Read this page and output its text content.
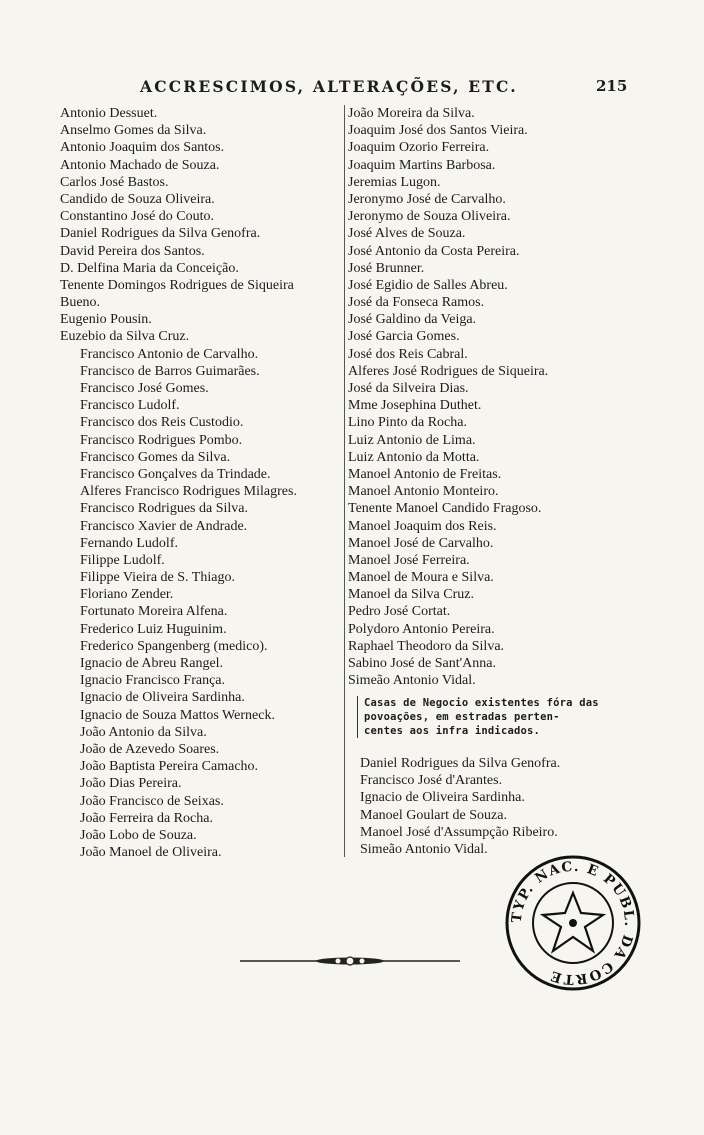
ACCRESCIMOS, ALTERAÇÕES, ETC.	215
Antonio Dessuet.
Anselmo Gomes da Silva.
Antonio Joaquim dos Santos.
Antonio Machado de Souza.
Carlos José Bastos.
Candido de Souza Oliveira.
Constantino José do Couto.
Daniel Rodrigues da Silva Genofra.
David Pereira dos Santos.
D. Delfina Maria da Conceição.
Tenente Domingos Rodrigues de Siqueira
Bueno.
Eugenio Pousin.
Euzebio da Silva Cruz.
Francisco Antonio de Carvalho.
Francisco de Barros Guimarães.
Francisco José Gomes.
Francisco Ludolf.
Francisco dos Reis Custodio.
Francisco Rodrigues Pombo.
Francisco Gomes da Silva.
Francisco Gonçalves da Trindade.
Alferes Francisco Rodrigues Milagres.
Francisco Rodrigues da Silva.
Francisco Xavier de Andrade.
Fernando Ludolf.
Filippe Ludolf.
Filippe Vieira de S. Thiago.
Floriano Zender.
Fortunato Moreira Alfena.
Frederico Luiz Huguinim.
Frederico Spangenberg (medico).
Ignacio de Abreu Rangel.
Ignacio Francisco França.
Ignacio de Oliveira Sardinha.
Ignacio de Souza Mattos Werneck.
João Antonio da Silva.
João de Azevedo Soares.
João Baptista Pereira Camacho.
João Dias Pereira.
João Francisco de Seixas.
João Ferreira da Rocha.
João Lobo de Souza.
João Manoel de Oliveira.
João Moreira da Silva.
Joaquim José dos Santos Vieira.
Joaquim Ozorio Ferreira.
Joaquim Martins Barbosa.
Jeremias Lugon.
Jeronymo José de Carvalho.
Jeronymo de Souza Oliveira.
José Alves de Souza.
José Antonio da Costa Pereira.
José Brunner.
José Egidio de Salles Abreu.
José da Fonseca Ramos.
José Galdino da Veiga.
José Garcia Gomes.
José dos Reis Cabral.
Alferes José Rodrigues de Siqueira.
José da Silveira Dias.
Mme Josephina Duthet.
Lino Pinto da Rocha.
Luiz Antonio de Lima.
Luiz Antonio da Motta.
Manoel Antonio de Freitas.
Manoel Antonio Monteiro.
Tenente Manoel Candido Fragoso.
Manoel Joaquim dos Reis.
Manoel José de Carvalho.
Manoel José Ferreira.
Manoel de Moura e Silva.
Manoel da Silva Cruz.
Pedro José Cortat.
Polydoro Antonio Pereira.
Raphael Theodoro da Silva.
Sabino José de Sant'Anna.
Simeão Antonio Vidal.
Casas de Negocio existentes fóra das
povoações, em estradas perten-
centes aos infra indicados.
Daniel Rodrigues da Silva Genofra.
Francisco José d'Arantes.
Ignacio de Oliveira Sardinha.
Manoel Goulart de Souza.
Manoel José d'Assumpção Ribeiro.
Simeão Antonio Vidal.
TYP. NAC. E PUBL. DA CORTE
